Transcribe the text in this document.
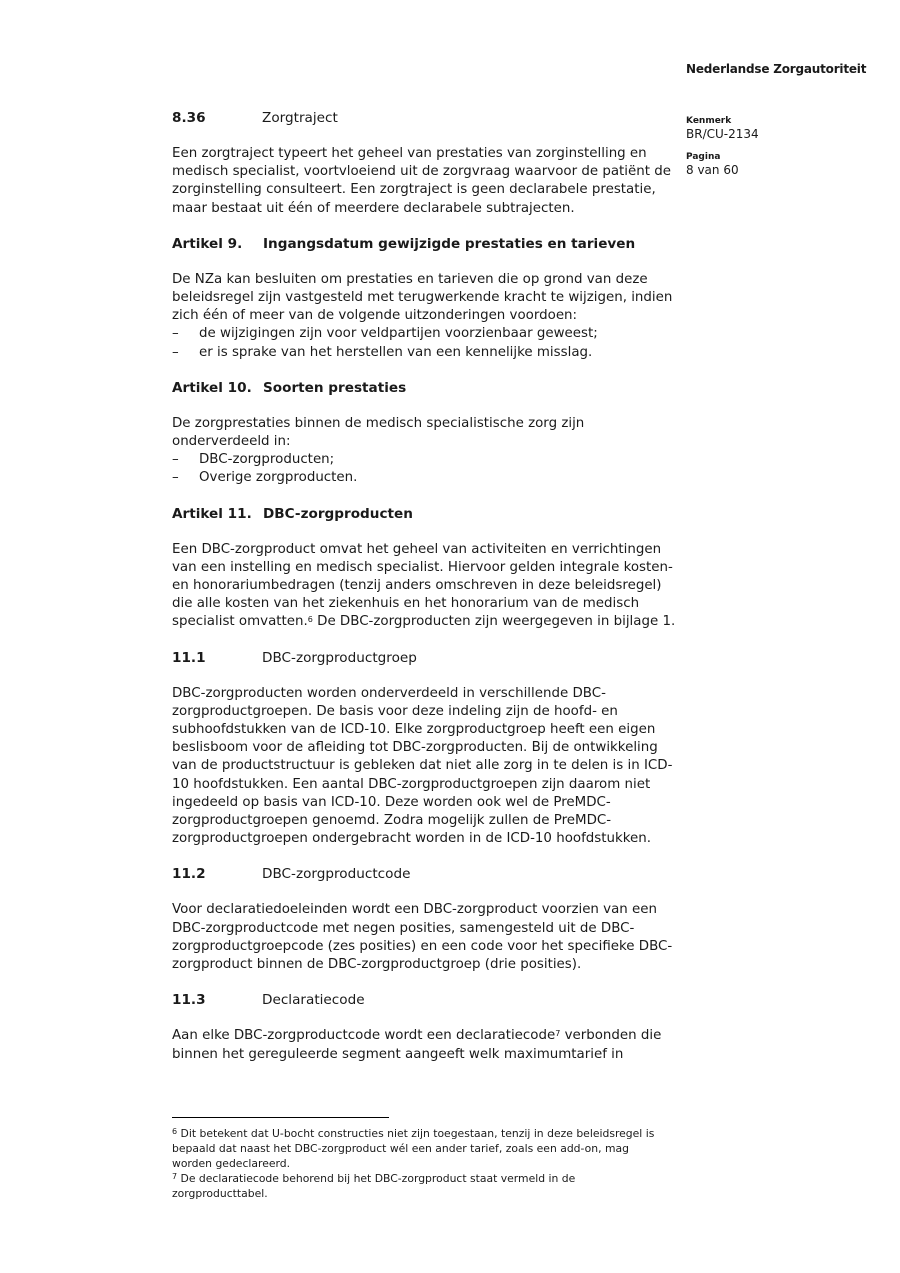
Nederlandse Zorgautoriteit
Kenmerk
BR/CU-2134
Pagina
8 van 60
8.36	Zorgtraject

Een zorgtraject typeert het geheel van prestaties van zorginstelling en medisch specialist, voortvloeiend uit de zorgvraag waarvoor de patiënt de zorginstelling consulteert. Een zorgtraject is geen declarabele prestatie, maar bestaat uit één of meerdere declarabele subtrajecten.

Artikel 9.	Ingangsdatum gewijzigde prestaties en tarieven

De NZa kan besluiten om prestaties en tarieven die op grond van deze beleidsregel zijn vastgesteld met terugwerkende kracht te wijzigen, indien zich één of meer van de volgende uitzonderingen voordoen:

–	de wijzigingen zijn voor veldpartijen voorzienbaar geweest;
–	er is sprake van het herstellen van een kennelijke misslag.
Artikel 10. Soorten prestaties

De zorgprestaties binnen de medisch specialistische zorg zijn onderverdeeld in:

–	DBC-zorgproducten;
–	Overige zorgproducten.
Artikel 11. DBC-zorgproducten

Een DBC-zorgproduct omvat het geheel van activiteiten en verrichtingen van een instelling en medisch specialist. Hiervoor gelden integrale kosten- en honorariumbedragen (tenzij anders omschreven in deze beleidsregel) die alle kosten van het ziekenhuis en het honorarium van de medisch specialist omvatten.$^6$ De DBC-zorgproducten zijn weergegeven in bijlage 1.

11.1	DBC-zorgproductgroep

DBC-zorgproducten worden onderverdeeld in verschillende DBC-zorgproductgroepen. De basis voor deze indeling zijn de hoofd- en subhoofdstukken van de ICD-10. Elke zorgproductgroep heeft een eigen beslisboom voor de afleiding tot DBC-zorgproducten. Bij de ontwikkeling van de productstructuur is gebleken dat niet alle zorg in te delen is in ICD-10 hoofdstukken. Een aantal DBC-zorgproductgroepen zijn daarom niet ingedeeld op basis van ICD-10. Deze worden ook wel de PreMDC-zorgproductgroepen genoemd. Zodra mogelijk zullen de PreMDC-zorgproductgroepen ondergebracht worden in de ICD-10 hoofdstukken.

11.2	DBC-zorgproductcode

Voor declaratiedoeleinden wordt een DBC-zorgproduct voorzien van een DBC-zorgproductcode met negen posities, samengesteld uit de DBC-zorgproductgroepcode (zes posities) en een code voor het specifieke DBC-zorgproduct binnen de DBC-zorgproductgroep (drie posities).

11.3	Declaratiecode

Aan elke DBC-zorgproductcode wordt een declaratiecode$^7$ verbonden die binnen het gereguleerde segment aangeeft welk maximumtarief in

$^6$ Dit betekent dat U-bocht constructies niet zijn toegestaan, tenzij in deze beleidsregel is bepaald dat naast het DBC-zorgproduct wél een ander tarief, zoals een add-on, mag worden gedeclareerd.

$^7$ De declaratiecode behorend bij het DBC-zorgproduct staat vermeld in de zorgproducttabel.
